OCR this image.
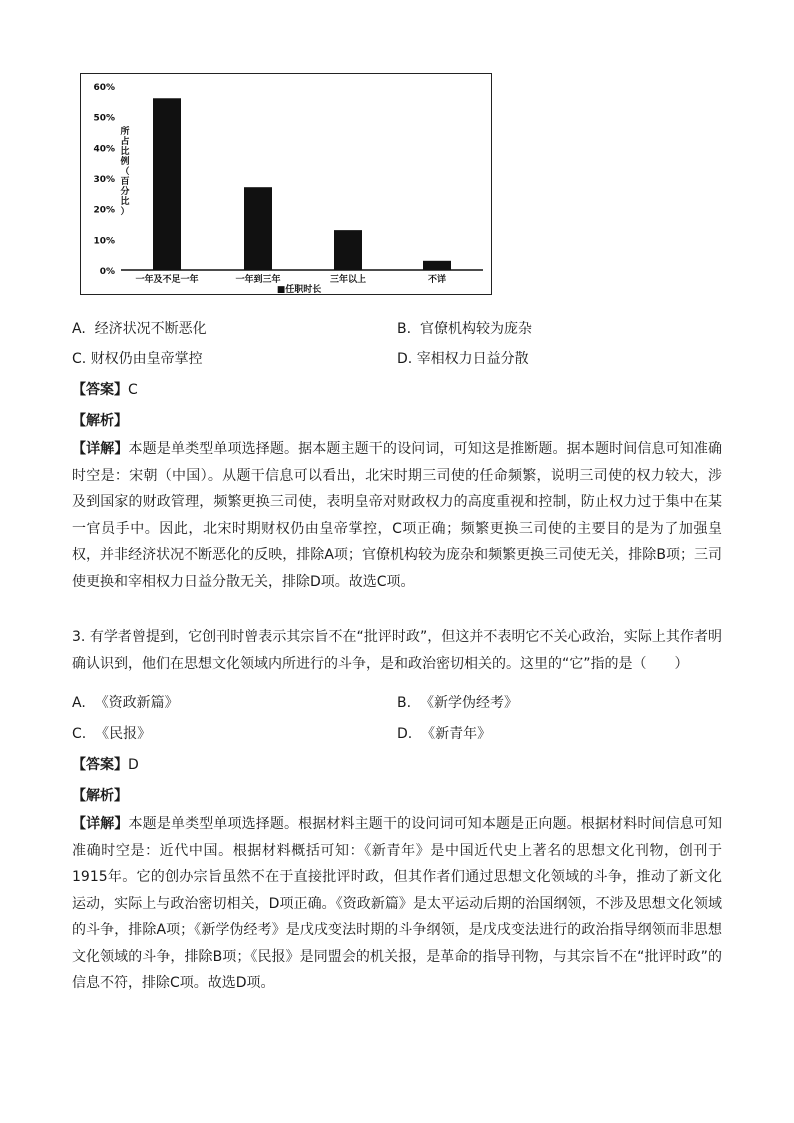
0%
10%
20%
30%
40%
50%
60%
所
占
比
例
（
百
分
比
）
一年及不足一年	一年到三年	三年以上	不详
■任职时长
A. 经济状况不断恶化	B. 官僚机构较为庞杂
C. 财权仍由皇帝掌控	D. 宰相权力日益分散
【答案】C
【解析】

【详解】本题是单类型单项选择题。据本题主题干的设问词，可知这是推断题。据本题时间信息可知准确时空是：宋朝（中国）。从题干信息可以看出，北宋时期三司使的任命频繁，说明三司使的权力较大，涉及到国家的财政管理，频繁更换三司使，表明皇帝对财政权力的高度重视和控制，防止权力过于集中在某一官员手中。因此，北宋时期财权仍由皇帝掌控，C项正确；频繁更换三司使的主要目的是为了加强皇权，并非经济状况不断恶化的反映，排除A项；官僚机构较为庞杂和频繁更换三司使无关，排除B项；三司使更换和宰相权力日益分散无关，排除D项。故选C项。

3. 有学者曾提到，它创刊时曾表示其宗旨不在“批评时政”，但这并不表明它不关心政治，实际上其作者明确认识到，他们在思想文化领域内所进行的斗争，是和政治密切相关的。这里的“它”指的是（　　）

A. 《资政新篇》	B. 《新学伪经考》
C. 《民报》	D. 《新青年》
【答案】D
【解析】

【详解】本题是单类型单项选择题。根据材料主题干的设问词可知本题是正向题。根据材料时间信息可知准确时空是：近代中国。根据材料概括可知：《新青年》是中国近代史上著名的思想文化刊物，创刊于1915年。它的创办宗旨虽然不在于直接批评时政，但其作者们通过思想文化领域的斗争，推动了新文化运动，实际上与政治密切相关，D项正确。《资政新篇》是太平运动后期的治国纲领，不涉及思想文化领域的斗争，排除A项；《新学伪经考》是戊戌变法时期的斗争纲领，是戊戌变法进行的政治指导纲领而非思想文化领域的斗争，排除B项；《民报》是同盟会的机关报，是革命的指导刊物，与其宗旨不在“批评时政”的信息不符，排除C项。故选D项。
